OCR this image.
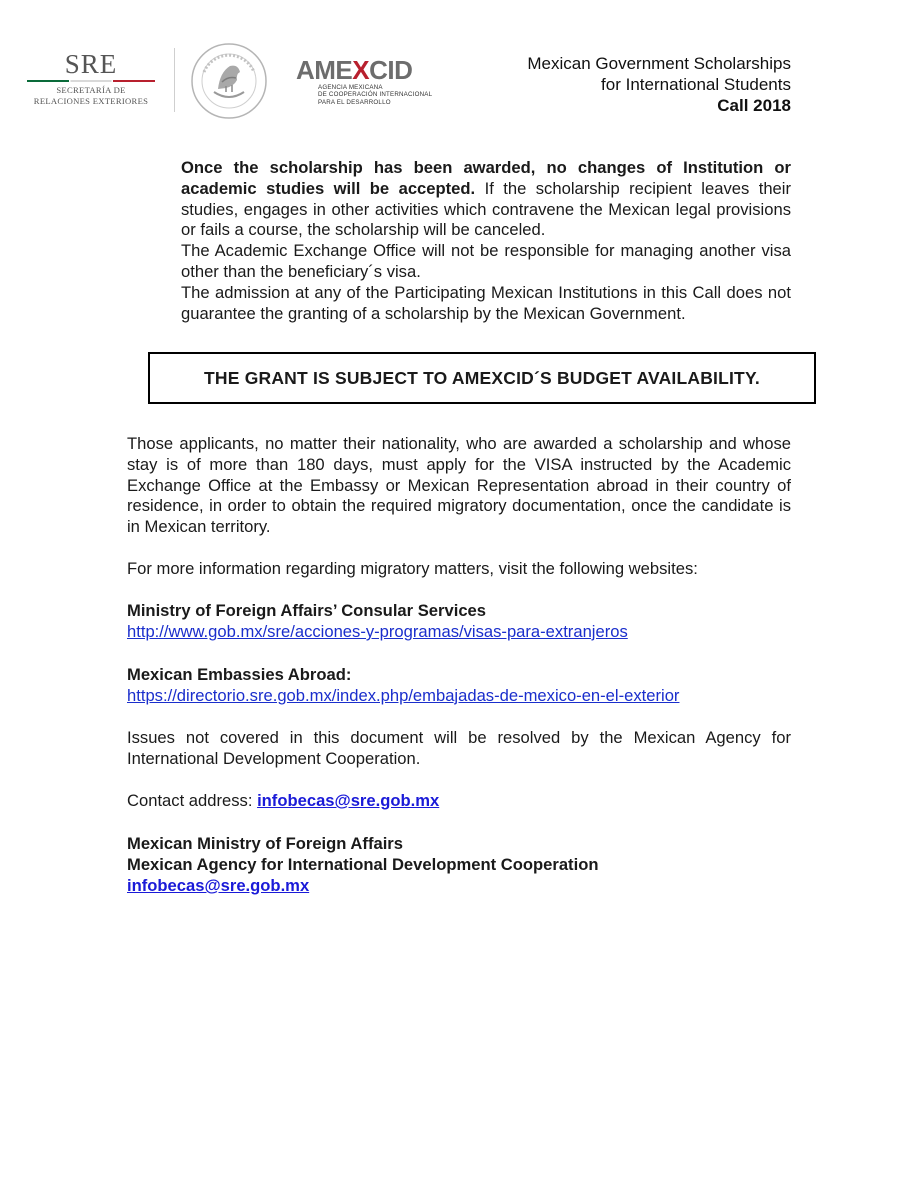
SRE
SECRETARÍA DE
RELACIONES EXTERIORES
AMEXCID
AGENCIA MEXICANA
DE COOPERACIÓN INTERNACIONAL
PARA EL DESARROLLO
Mexican Government Scholarships
for International Students
Call 2018
Once the scholarship has been awarded, no changes of Institution or academic studies will be accepted. If the scholarship recipient leaves their studies, engages in other activities which contravene the Mexican legal provisions or fails a course, the scholarship will be canceled.
The Academic Exchange Office will not be responsible for managing another visa other than the beneficiary´s visa.
The admission at any of the Participating Mexican Institutions in this Call does not guarantee the granting of a scholarship by the Mexican Government.
THE GRANT IS SUBJECT TO AMEXCID´S BUDGET AVAILABILITY.
Those applicants, no matter their nationality, who are awarded a scholarship and whose stay is of more than 180 days, must apply for the VISA instructed by the Academic Exchange Office at the Embassy or Mexican Representation abroad in their country of residence, in order to obtain the required migratory documentation, once the candidate is in Mexican territory.
For more information regarding migratory matters, visit the following websites:
Ministry of Foreign Affairs’ Consular Services
http://www.gob.mx/sre/acciones-y-programas/visas-para-extranjeros
Mexican Embassies Abroad:
https://directorio.sre.gob.mx/index.php/embajadas-de-mexico-en-el-exterior
Issues not covered in this document will be resolved by the Mexican Agency for International Development Cooperation.
Contact address: infobecas@sre.gob.mx
Mexican Ministry of Foreign Affairs
Mexican Agency for International Development Cooperation
infobecas@sre.gob.mx
